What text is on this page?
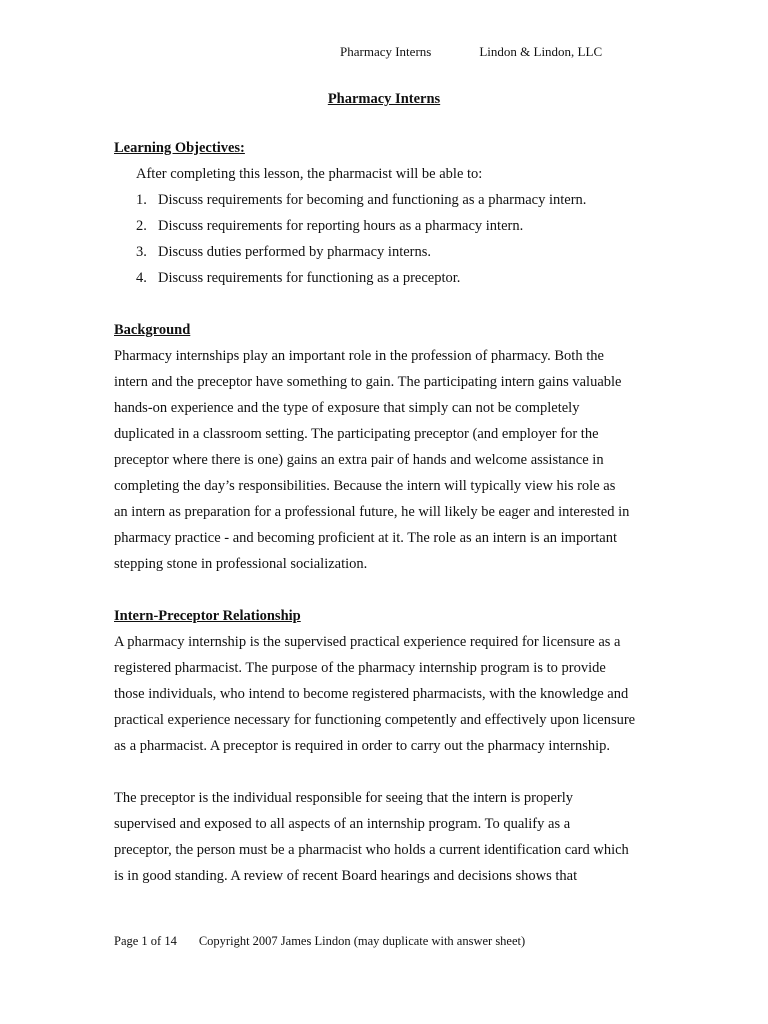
Pharmacy Interns	Lindon & Lindon, LLC
Pharmacy Interns
Learning Objectives:
After completing this lesson, the pharmacist will be able to:
1. Discuss requirements for becoming and functioning as a pharmacy intern.
2. Discuss requirements for reporting hours as a pharmacy intern.
3. Discuss duties performed by pharmacy interns.
4. Discuss requirements for functioning as a preceptor.
Background

Pharmacy internships play an important role in the profession of pharmacy. Both the
intern and the preceptor have something to gain. The participating intern gains valuable
hands-on experience and the type of exposure that simply can not be completely
duplicated in a classroom setting. The participating preceptor (and employer for the
preceptor where there is one) gains an extra pair of hands and welcome assistance in
completing the day’s responsibilities. Because the intern will typically view his role as
an intern as preparation for a professional future, he will likely be eager and interested in
pharmacy practice - and becoming proficient at it. The role as an intern is an important
stepping stone in professional socialization.

Intern-Preceptor Relationship

A pharmacy internship is the supervised practical experience required for licensure as a
registered pharmacist. The purpose of the pharmacy internship program is to provide
those individuals, who intend to become registered pharmacists, with the knowledge and
practical experience necessary for functioning competently and effectively upon licensure
as a pharmacist. A preceptor is required in order to carry out the pharmacy internship.

The preceptor is the individual responsible for seeing that the intern is properly
supervised and exposed to all aspects of an internship program. To qualify as a
preceptor, the person must be a pharmacist who holds a current identification card which
is in good standing. A review of recent Board hearings and decisions shows that

Page 1 of 14 Copyright 2007 James Lindon (may duplicate with answer sheet)
